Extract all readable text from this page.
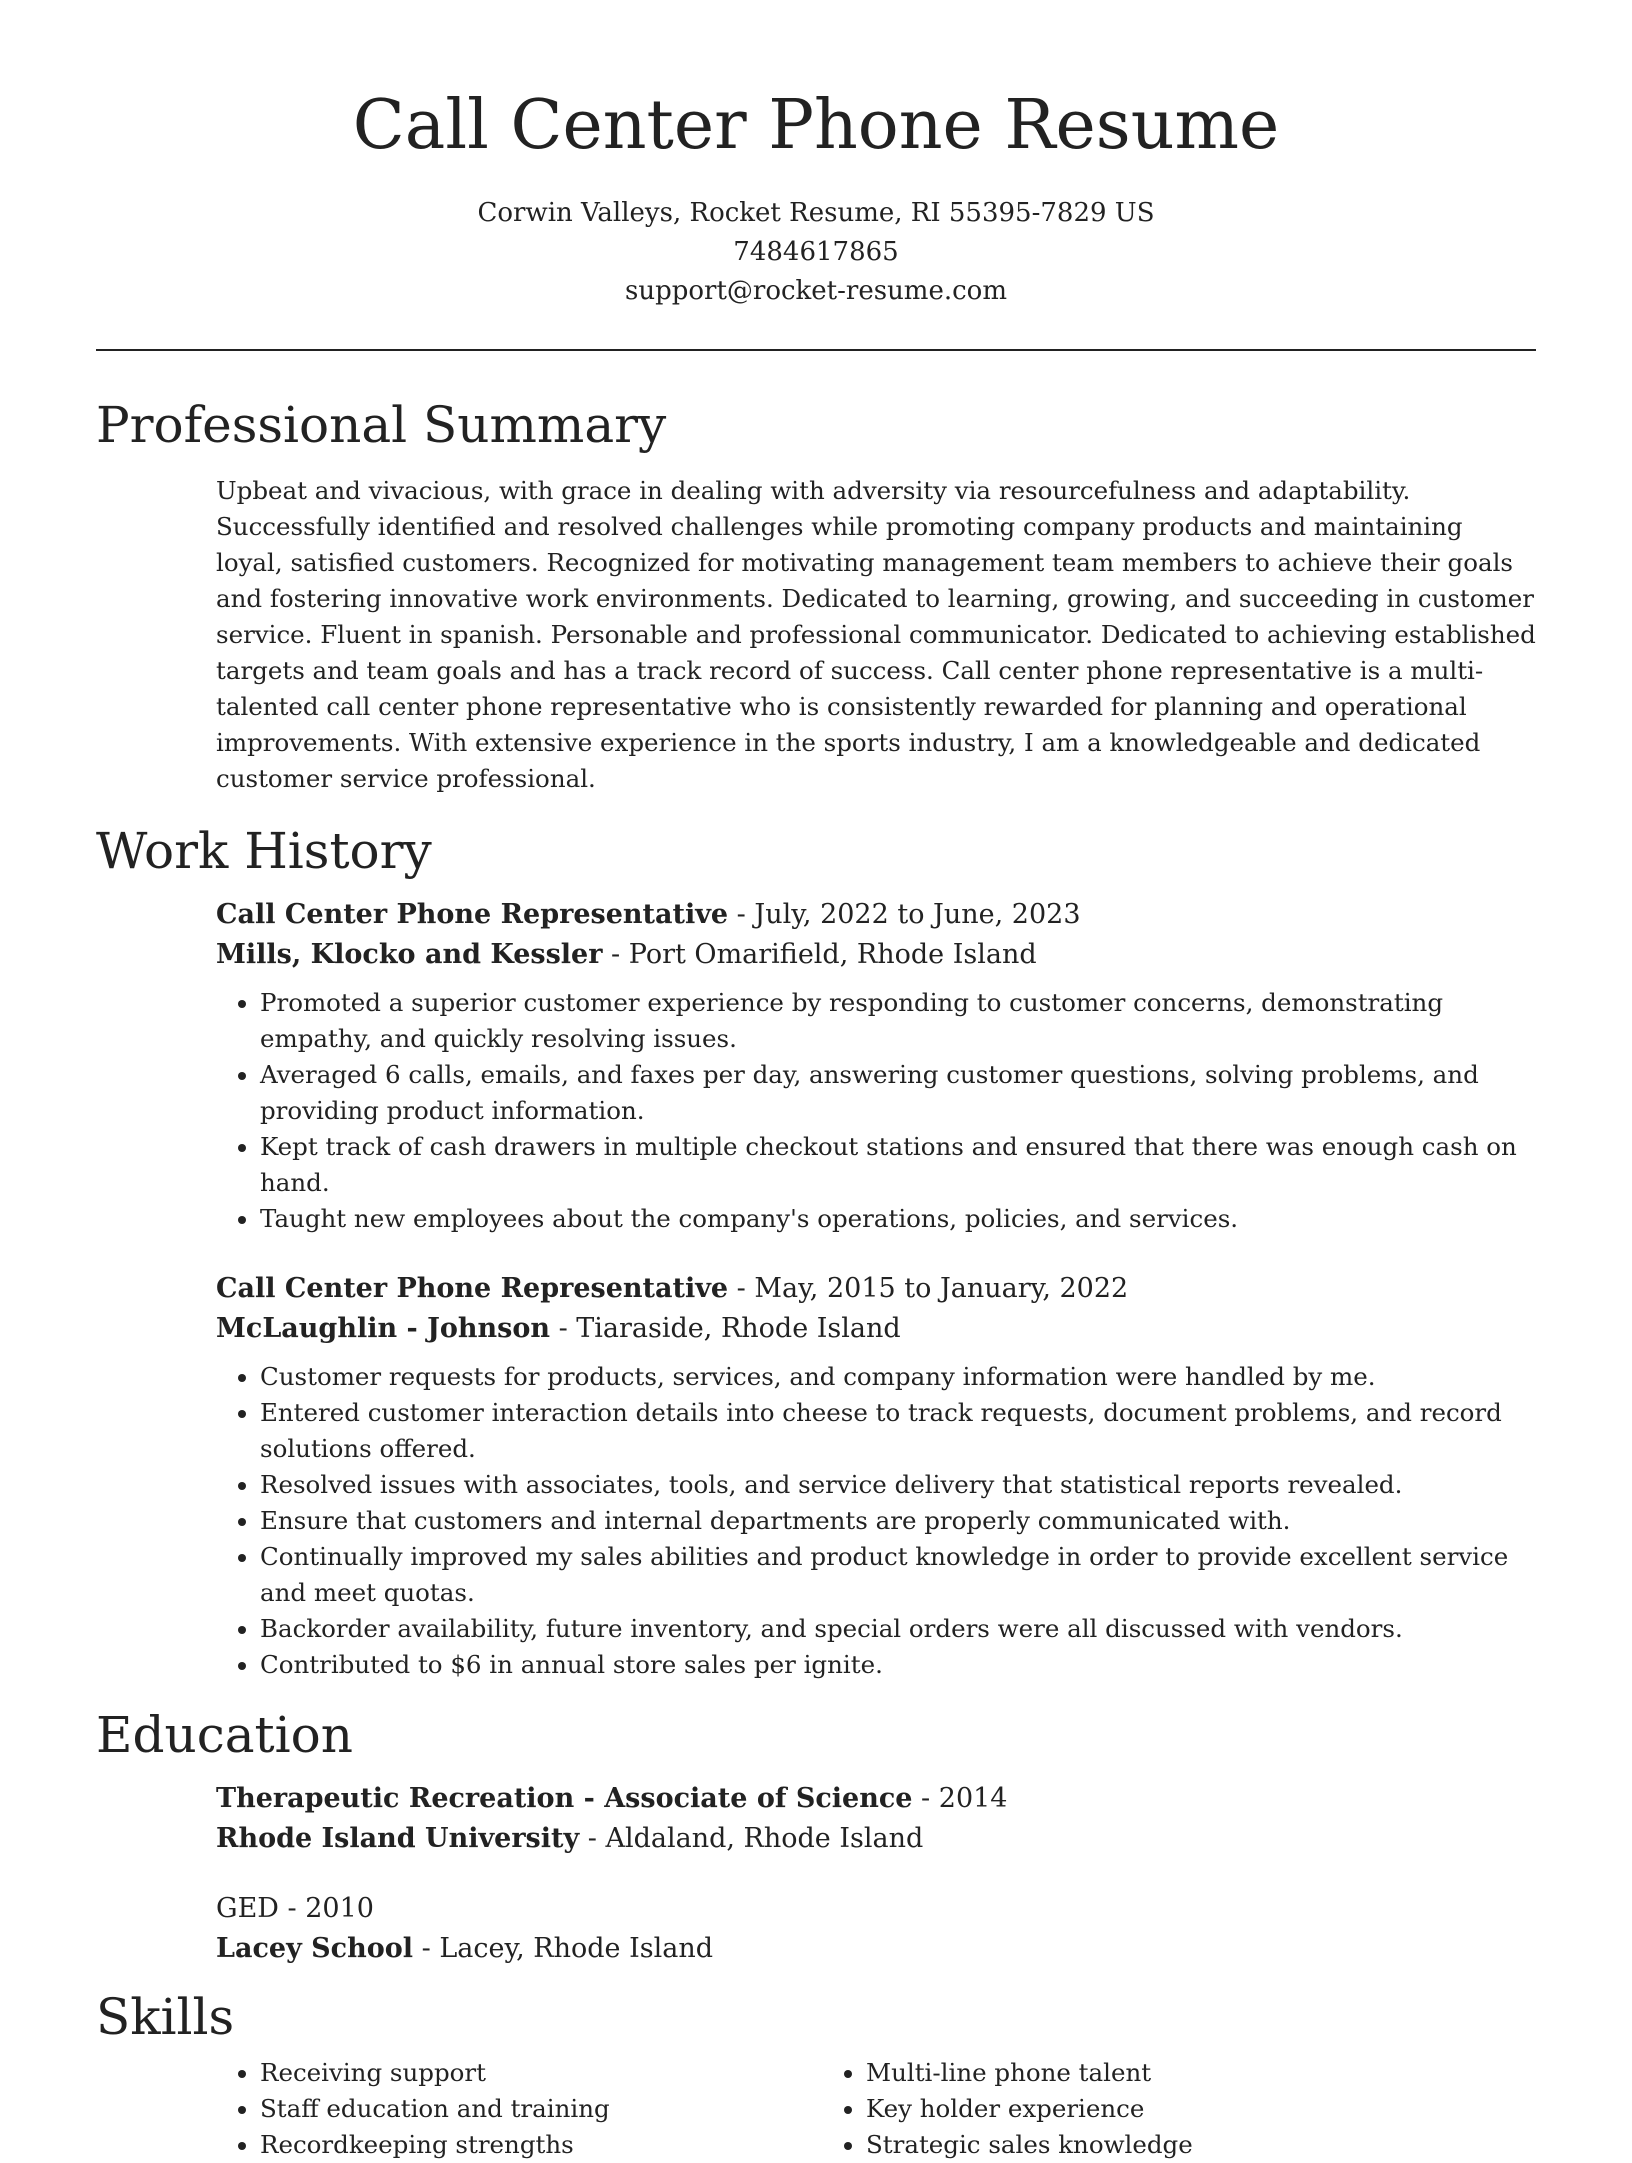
Call Center Phone Resume
Corwin Valleys, Rocket Resume, RI 55395-7829 US
7484617865
support@rocket-resume.com
Professional Summary
Upbeat and vivacious, with grace in dealing with adversity via resourcefulness and adaptability. Successfully identified and resolved challenges while promoting company products and maintaining loyal, satisfied customers. Recognized for motivating management team members to achieve their goals and fostering innovative work environments. Dedicated to learning, growing, and succeeding in customer service. Fluent in spanish. Personable and professional communicator. Dedicated to achieving established targets and team goals and has a track record of success. Call center phone representative is a multi-talented call center phone representative who is consistently rewarded for planning and operational improvements. With extensive experience in the sports industry, I am a knowledgeable and dedicated customer service professional.
Work History
Call Center Phone Representative - July, 2022 to June, 2023
Mills, Klocko and Kessler - Port Omarifield, Rhode Island
• Promoted a superior customer experience by responding to customer concerns, demonstrating empathy, and quickly resolving issues.
• Averaged 6 calls, emails, and faxes per day, answering customer questions, solving problems, and providing product information.
• Kept track of cash drawers in multiple checkout stations and ensured that there was enough cash on hand.
• Taught new employees about the company's operations, policies, and services.
Call Center Phone Representative - May, 2015 to January, 2022
McLaughlin - Johnson - Tiaraside, Rhode Island
• Customer requests for products, services, and company information were handled by me.
• Entered customer interaction details into cheese to track requests, document problems, and record solutions offered.
• Resolved issues with associates, tools, and service delivery that statistical reports revealed.
• Ensure that customers and internal departments are properly communicated with.
• Continually improved my sales abilities and product knowledge in order to provide excellent service and meet quotas.
• Backorder availability, future inventory, and special orders were all discussed with vendors.
• Contributed to $6 in annual store sales per ignite.
Education
Therapeutic Recreation - Associate of Science - 2014
Rhode Island University - Aldaland, Rhode Island
GED - 2010
Lacey School - Lacey, Rhode Island
Skills
• Receiving support
• Staff education and training
• Recordkeeping strengths
• Multi-line phone talent
• Key holder experience
• Strategic sales knowledge
